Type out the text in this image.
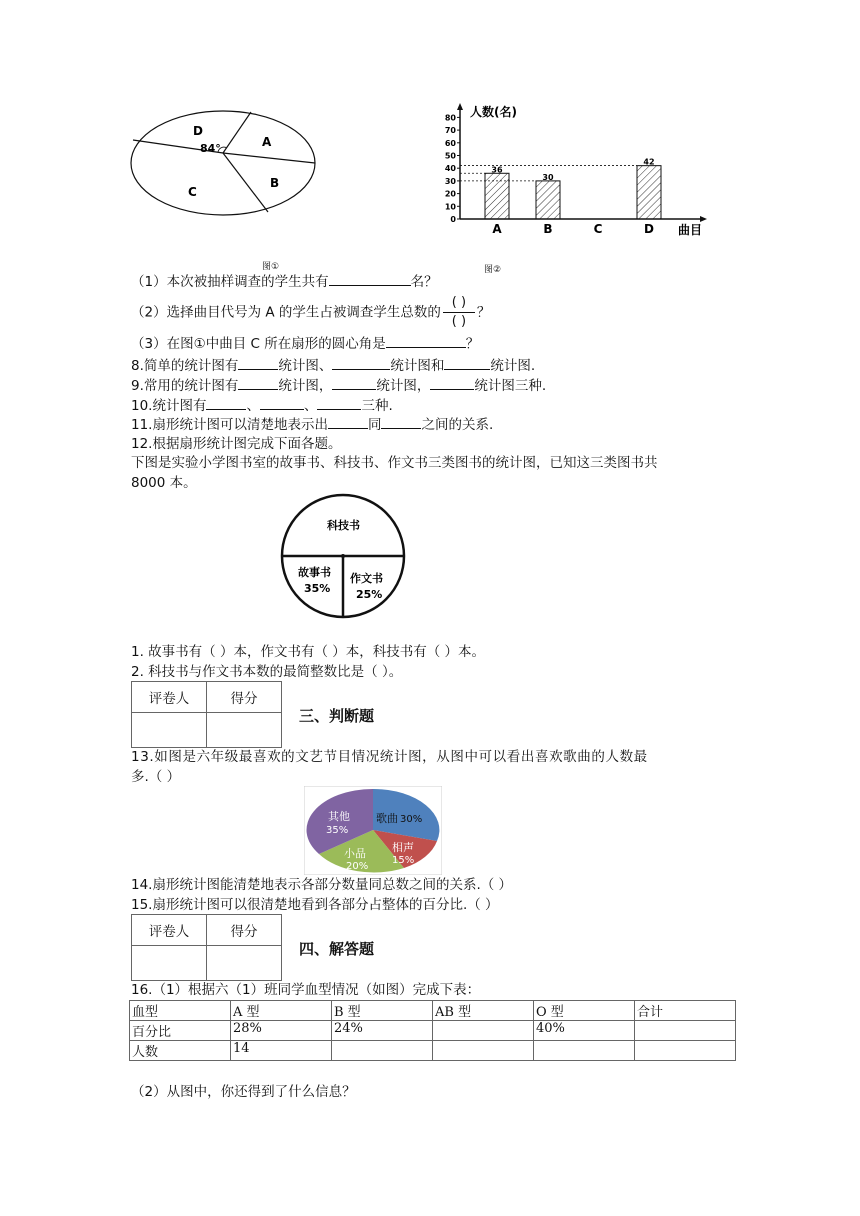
D
A
B
C
84°
图①
人数(名)
曲目
0
10
20
30
40
50
60
70
80
36
A
30
B	C
42
D
图②
（1）本次被抽样调查的学生共有	名？
（2）选择曲目代号为 A 的学生占被调查学生总数的 $\frac{( )}{( )}$ ？
（3）在图①中曲目 C 所在扇形的圆心角是	？
8.简单的统计图有	统计图、	统计图和	统计图.
9.常用的统计图有	统计图，	统计图，	统计图三种.
10.统计图有	、	、	三种.
11.扇形统计图可以清楚地表示出	同	之间的关系.
12.根据扇形统计图完成下面各题。
下图是实验小学图书室的故事书、科技书、作文书三类图书的统计图，已知这三类图书共
8000 本。
科技书
故事书
35%
作文书
25%
1. 故事书有（ ）本，作文书有（ ）本，科技书有（ ）本。
2. 科技书与作文书本数的最简整数比是（ ）。
评卷人	得分

三、判断题
13.如图是六年级最喜欢的文艺节目情况统计图，从图中可以看出喜欢歌曲的人数最
多.（ ）
其他
35%
歌曲 30%
相声
15%
小品
20%
14.扇形统计图能清楚地表示各部分数量同总数之间的关系.（ ）
15.扇形统计图可以很清楚地看到各部分占整体的百分比.（ ）
评卷人	得分

四、解答题
16.（1）根据六（1）班同学血型情况（如图）完成下表：
血型	A 型	B 型	AB 型	O 型	合计
百分比	28%	24%		40%	
人数	14				
（2）从图中，你还得到了什么信息？
